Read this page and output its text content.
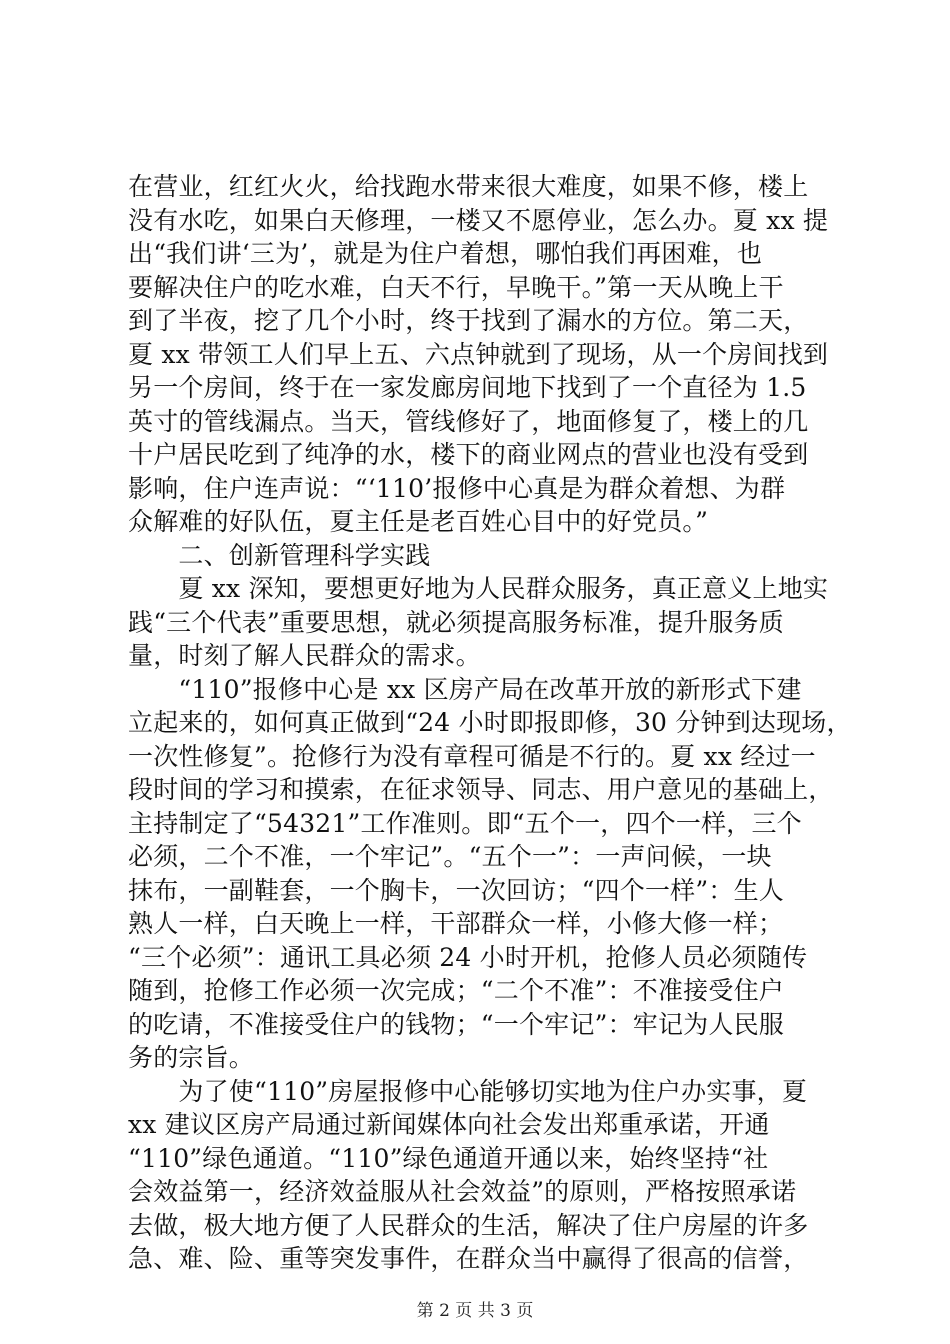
在营业，红红火火，给找跑水带来很大难度，如果不修，楼上
没有水吃，如果白天修理，一楼又不愿停业，怎么办。夏 xx 提
出“我们讲‘三为’，就是为住户着想，哪怕我们再困难，也
要解决住户的吃水难，白天不行，早晚干。”第一天从晚上干
到了半夜，挖了几个小时，终于找到了漏水的方位。第二天，
夏 xx 带领工人们早上五、六点钟就到了现场，从一个房间找到
另一个房间，终于在一家发廊房间地下找到了一个直径为 1.5
英寸的管线漏点。当天，管线修好了，地面修复了，楼上的几
十户居民吃到了纯净的水，楼下的商业网点的营业也没有受到
影响，住户连声说：“‘110’报修中心真是为群众着想、为群
众解难的好队伍，夏主任是老百姓心目中的好党员。”
　　二、创新管理科学实践
　　夏 xx 深知，要想更好地为人民群众服务，真正意义上地实
践“三个代表”重要思想，就必须提高服务标准，提升服务质
量，时刻了解人民群众的需求。
　　“110”报修中心是 xx 区房产局在改革开放的新形式下建
立起来的，如何真正做到“24 小时即报即修，30 分钟到达现场，
一次性修复”。抢修行为没有章程可循是不行的。夏 xx 经过一
段时间的学习和摸索，在征求领导、同志、用户意见的基础上，
主持制定了“54321”工作准则。即“五个一，四个一样，三个
必须，二个不准，一个牢记”。“五个一”：一声问候，一块
抹布，一副鞋套，一个胸卡，一次回访；“四个一样”：生人
熟人一样，白天晚上一样，干部群众一样，小修大修一样；
“三个必须”：通讯工具必须 24 小时开机，抢修人员必须随传
随到，抢修工作必须一次完成；“二个不准”：不准接受住户
的吃请，不准接受住户的钱物；“一个牢记”：牢记为人民服
务的宗旨。
　　为了使“110”房屋报修中心能够切实地为住户办实事，夏
xx 建议区房产局通过新闻媒体向社会发出郑重承诺，开通
“110”绿色通道。“110”绿色通道开通以来，始终坚持“社
会效益第一，经济效益服从社会效益”的原则，严格按照承诺
去做，极大地方便了人民群众的生活，解决了住户房屋的许多
急、难、险、重等突发事件，在群众当中赢得了很高的信誉，
第 2 页 共 3 页
